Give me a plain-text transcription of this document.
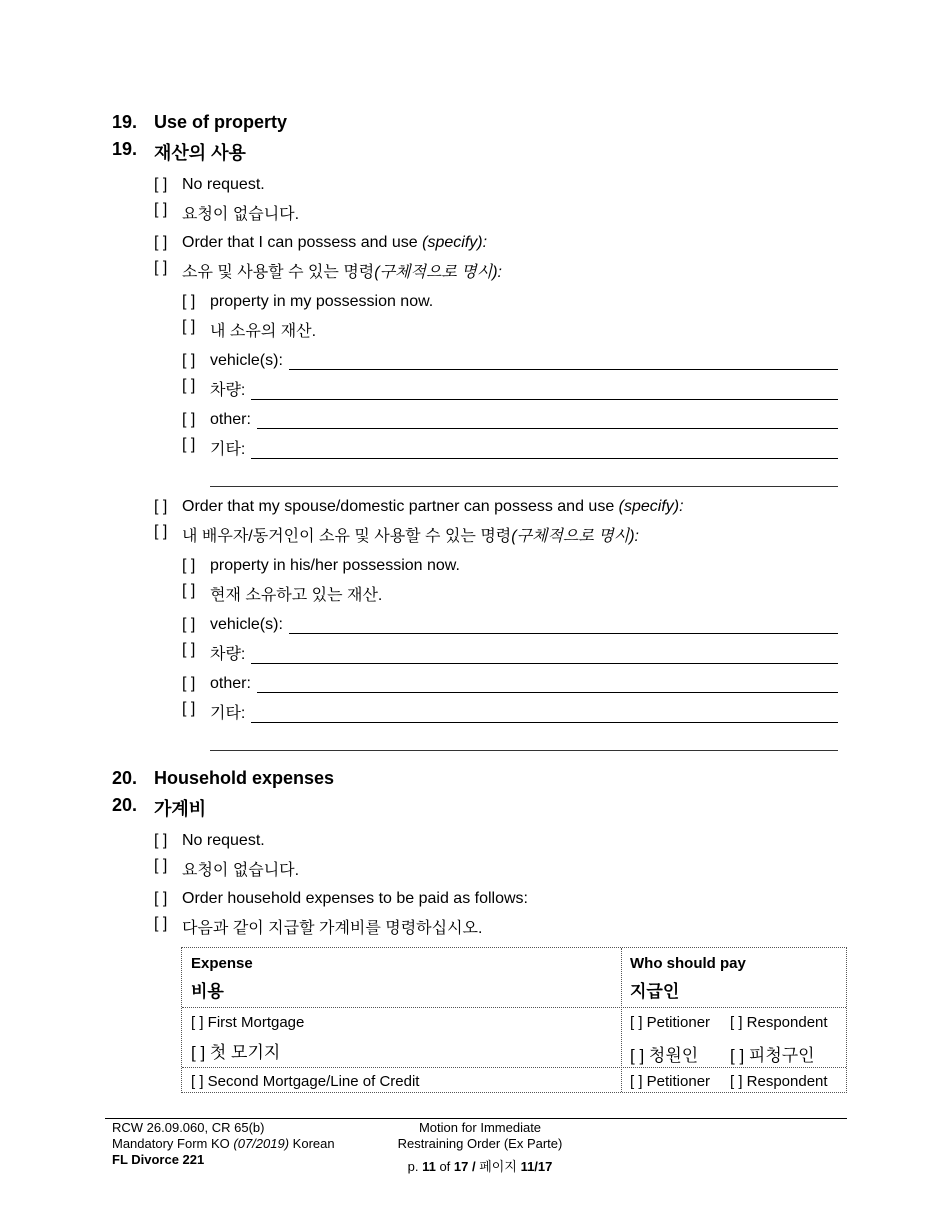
19. Use of property
19. 재산의 사용
[ ] No request.
[ ] 요청이 없습니다.
[ ] Order that I can possess and use (specify):
[ ] 소유 및 사용할 수 있는 명령(구체적으로 명시):
[ ] property in my possession now.
[ ] 내 소유의 재산.
[ ] vehicle(s):
[ ] 차량:
[ ] other:
[ ] 기타:
[ ] Order that my spouse/domestic partner can possess and use (specify):
[ ] 내 배우자/동거인이 소유 및 사용할 수 있는 명령(구체적으로 명시):
[ ] property in his/her possession now.
[ ] 현재 소유하고 있는 재산.
[ ] vehicle(s):
[ ] 차량:
[ ] other:
[ ] 기타:
20. Household expenses
20. 가계비
[ ] No request.
[ ] 요청이 없습니다.
[ ] Order household expenses to be paid as follows:
[ ] 다음과 같이 지급할 가계비를 명령하십시오.
Expense
비용
Who should pay
지급인
[ ] First Mortgage
[ ] 첫 모기지
[ ] Petitioner [ ] Respondent
[ ] 청원인 [ ] 피청구인
[ ] Second Mortgage/Line of Credit	[ ] Petitioner [ ] Respondent
RCW 26.09.060, CR 65(b)
Mandatory Form KO (07/2019) Korean
FL Divorce 221
Motion for Immediate
Restraining Order (Ex Parte)
p. 11 of 17 / 페이지 11/17
